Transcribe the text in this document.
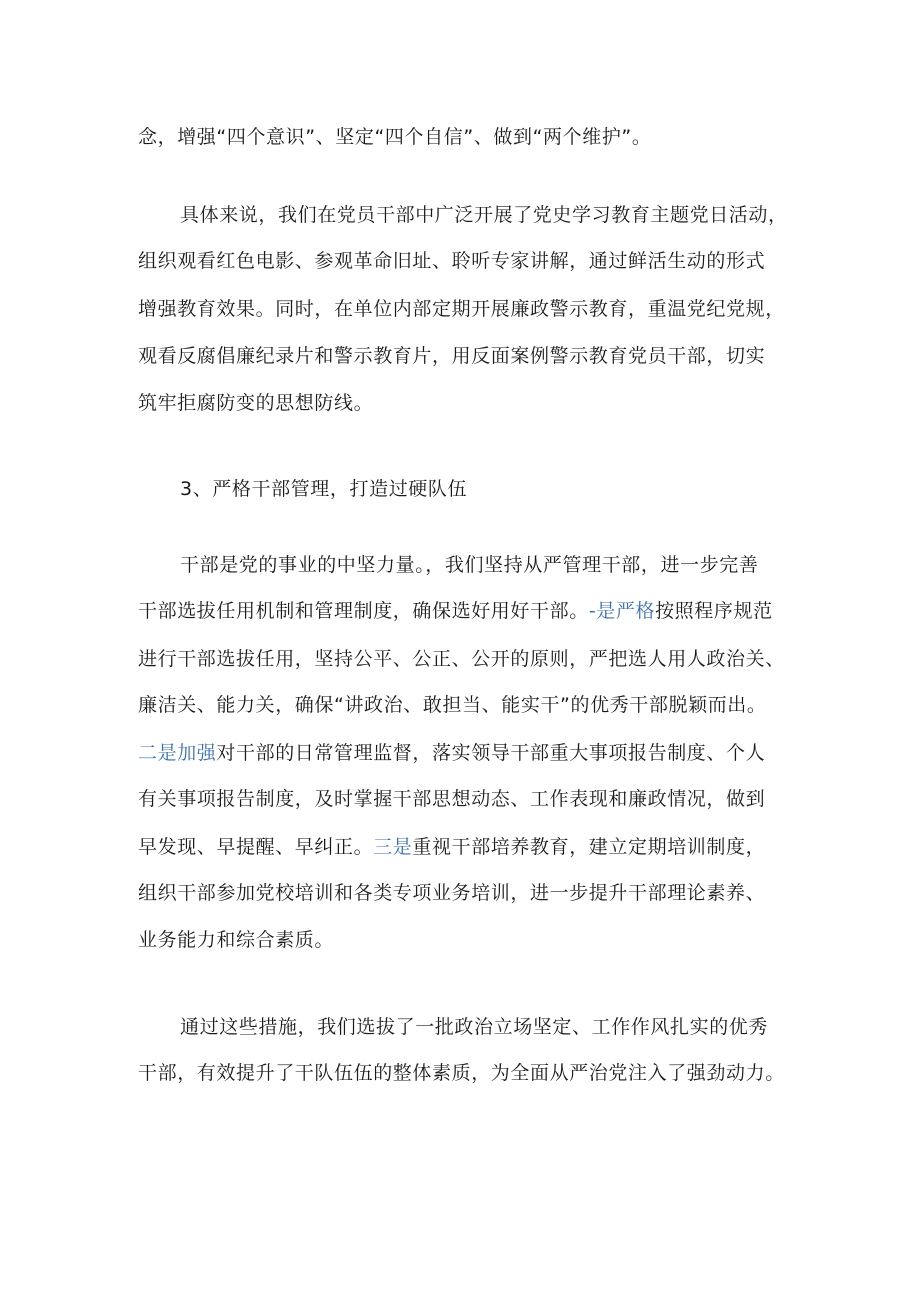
念，增强“四个意识”、坚定“四个自信”、做到“两个维护”。
具体来说，我们在党员干部中广泛开展了党史学习教育主题党日活动，
组织观看红色电影、参观革命旧址、聆听专家讲解，通过鲜活生动的形式
增强教育效果。同时，在单位内部定期开展廉政警示教育，重温党纪党规，
观看反腐倡廉纪录片和警示教育片，用反面案例警示教育党员干部，切实
筑牢拒腐防变的思想防线。
3、严格干部管理，打造过硬队伍
干部是党的事业的中坚力量。，我们坚持从严管理干部，进一步完善
干部选拔任用机制和管理制度，确保选好用好干部。-是严格按照程序规范
进行干部选拔任用，坚持公平、公正、公开的原则，严把选人用人政治关、
廉洁关、能力关，确保“讲政治、敢担当、能实干”的优秀干部脱颖而出。
二是加强对干部的日常管理监督，落实领导干部重大事项报告制度、个人
有关事项报告制度，及时掌握干部思想动态、工作表现和廉政情况，做到
早发现、早提醒、早纠正。三是重视干部培养教育，建立定期培训制度，
组织干部参加党校培训和各类专项业务培训，进一步提升干部理论素养、
业务能力和综合素质。
通过这些措施，我们选拔了一批政治立场坚定、工作作风扎实的优秀
干部，有效提升了干队伍伍的整体素质，为全面从严治党注入了强劲动力。
